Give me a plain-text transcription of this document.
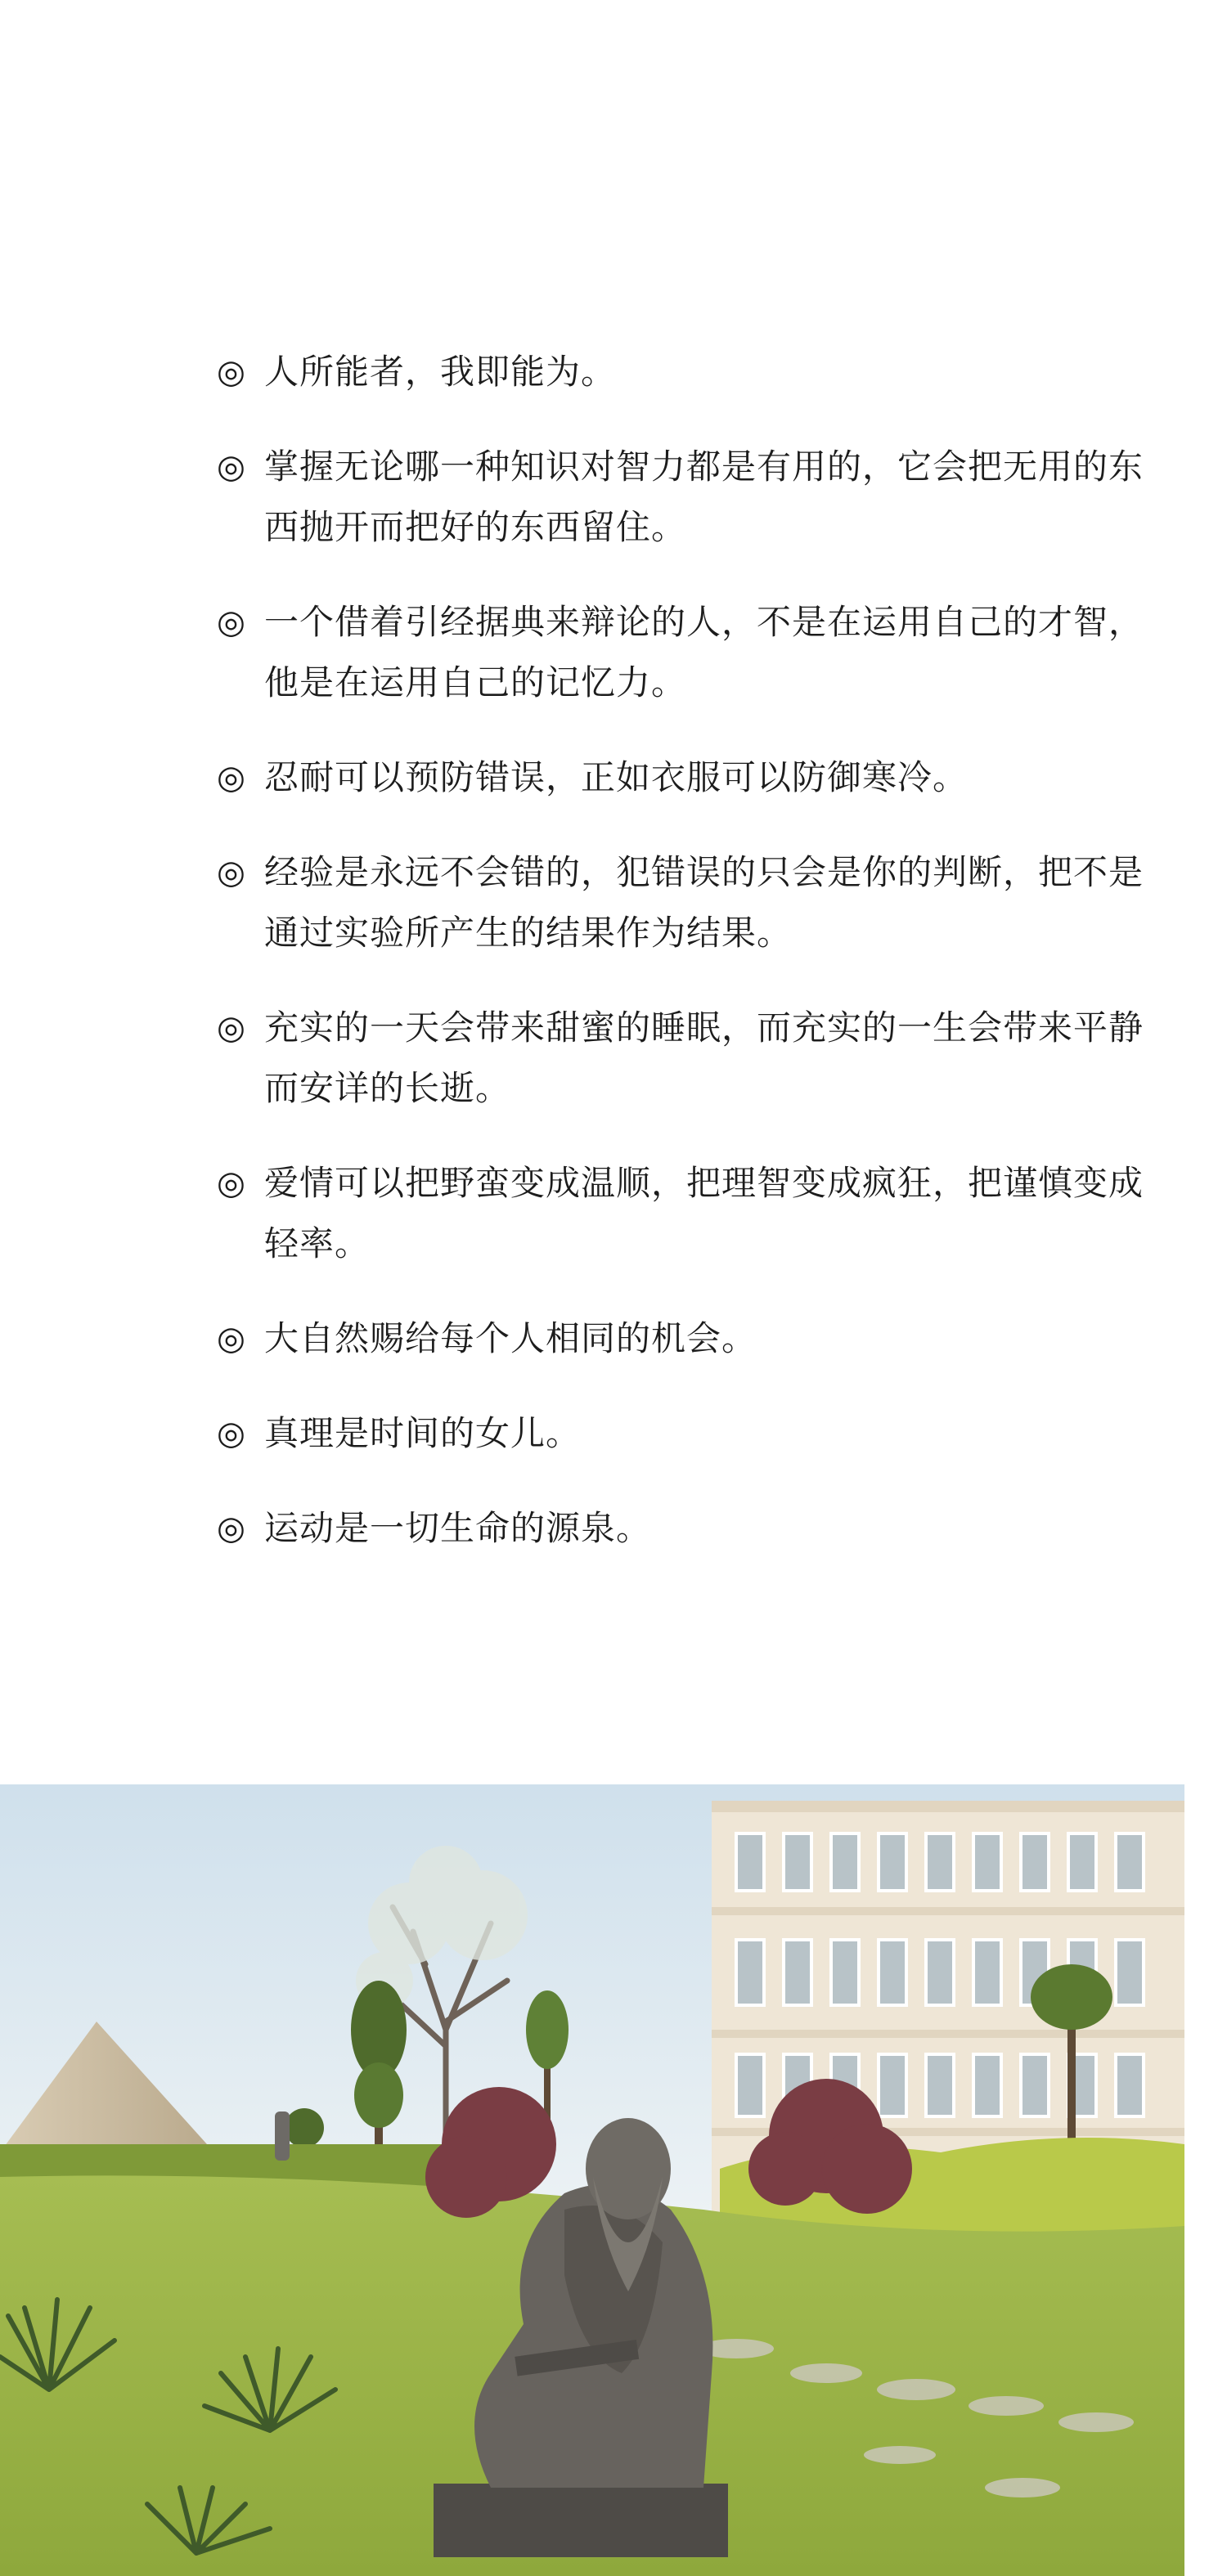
◎ 人所能者，我即能为。
◎ 掌握无论哪一种知识对智力都是有用的，它会把无用的东西抛开而把好的东西留住。
◎ 一个借着引经据典来辩论的人，不是在运用自己的才智，他是在运用自己的记忆力。
◎ 忍耐可以预防错误，正如衣服可以防御寒冷。
◎ 经验是永远不会错的，犯错误的只会是你的判断，把不是通过实验所产生的结果作为结果。
◎ 充实的一天会带来甜蜜的睡眠，而充实的一生会带来平静而安详的长逝。
◎ 爱情可以把野蛮变成温顺，把理智变成疯狂，把谨慎变成轻率。
◎ 大自然赐给每个人相同的机会。
◎ 真理是时间的女儿。
◎ 运动是一切生命的源泉。
